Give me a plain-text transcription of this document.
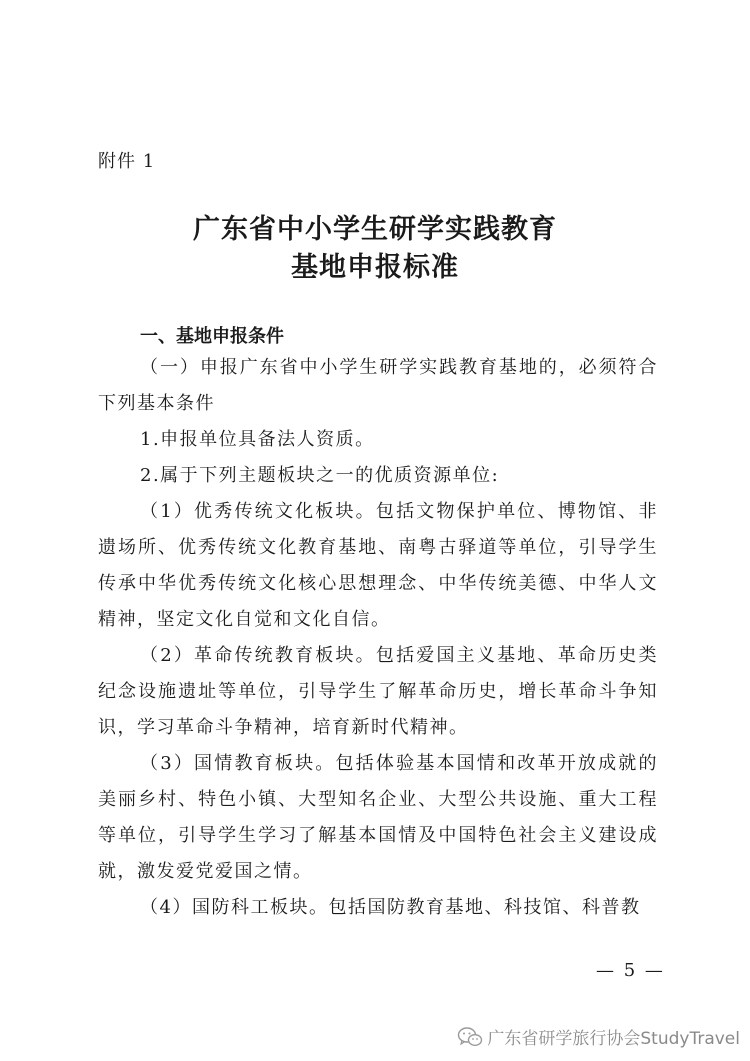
附件 1
广东省中小学生研学实践教育
基地申报标准
一、基地申报条件

（一）申报广东省中小学生研学实践教育基地的，必须符合下列基本条件

1.申报单位具备法人资质。

2.属于下列主题板块之一的优质资源单位:

（1）优秀传统文化板块。包括文物保护单位、博物馆、非遗场所、优秀传统文化教育基地、南粤古驿道等单位，引导学生传承中华优秀传统文化核心思想理念、中华传统美德、中华人文精神，坚定文化自觉和文化自信。

（2）革命传统教育板块。包括爱国主义基地、革命历史类纪念设施遗址等单位，引导学生了解革命历史，增长革命斗争知识，学习革命斗争精神，培育新时代精神。

（3）国情教育板块。包括体验基本国情和改革开放成就的美丽乡村、特色小镇、大型知名企业、大型公共设施、重大工程等单位，引导学生学习了解基本国情及中国特色社会主义建设成就，激发爱党爱国之情。

（4）国防科工板块。包括国防教育基地、科技馆、科普教

— 5 —
广东省研学旅行协会StudyTravel
